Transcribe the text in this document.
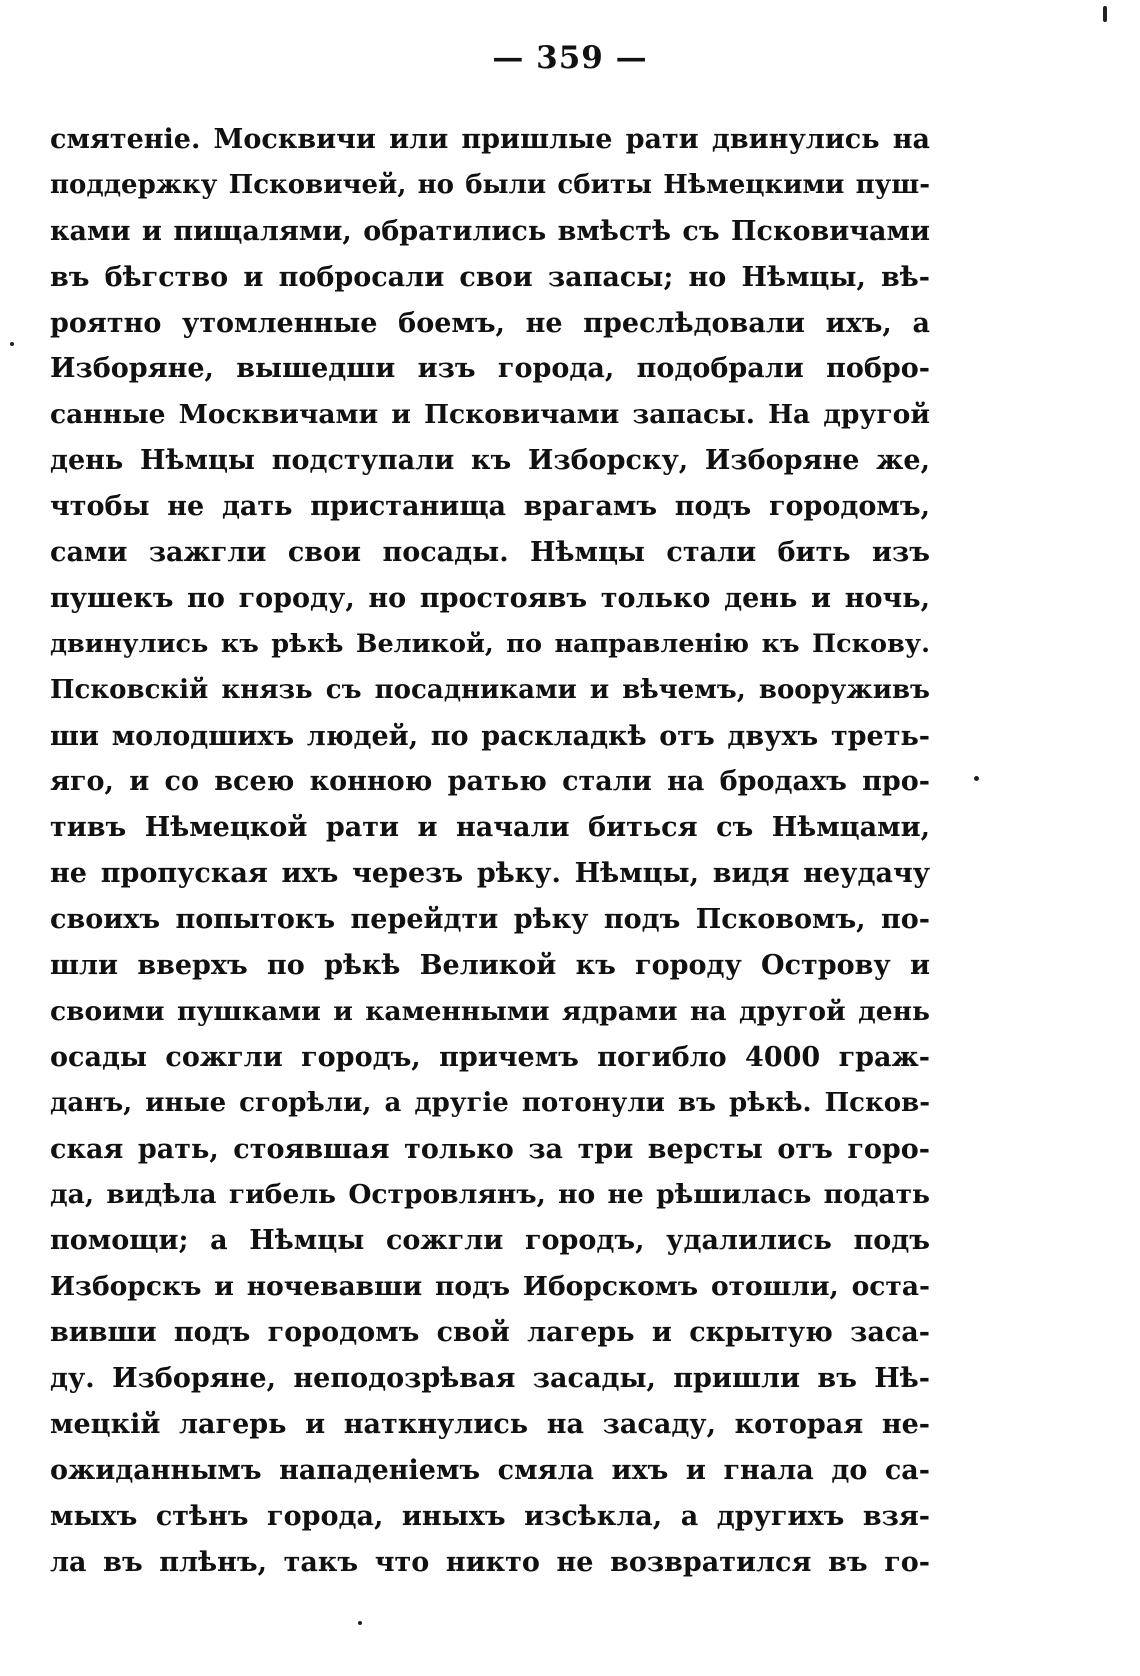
— 359 —
смятеніе. Москвичи или пришлые рати двинулись на
поддержку Псковичей, но были сбиты Нѣмецкими пуш-
ками и пищалями, обратились вмѣстѣ съ Псковичами
въ бѣгство и побросали свои запасы; но Нѣмцы, вѣ-
роятно утомленные боемъ, не преслѣдовали ихъ, а
Изборяне, вышедши изъ города, подобрали побро-
санные Москвичами и Псковичами запасы. На другой
день Нѣмцы подступали къ Изборску, Изборяне же,
чтобы не дать пристанища врагамъ подъ городомъ,
сами зажгли свои посады. Нѣмцы стали бить изъ
пушекъ по городу, но простоявъ только день и ночь,
двинулись къ рѣкѣ Великой, по направленію къ Пскову.
Псковскій князь съ посадниками и вѣчемъ, вооруживъ
ши молодшихъ людей, по раскладкѣ отъ двухъ треть-
яго, и со всею конною ратью стали на бродахъ про-
тивъ Нѣмецкой рати и начали биться съ Нѣмцами,
не пропуская ихъ черезъ рѣку. Нѣмцы, видя неудачу
своихъ попытокъ перейдти рѣку подъ Псковомъ, по-
шли вверхъ по рѣкѣ Великой къ городу Острову и
своими пушками и каменными ядрами на другой день
осады сожгли городъ, причемъ погибло 4000 граж-
данъ, иные сгорѣли, а другіе потонули въ рѣкѣ. Псков-
ская рать, стоявшая только за три версты отъ горо-
да, видѣла гибель Островлянъ, но не рѣшилась подать
помощи; а Нѣмцы сожгли городъ, удалились подъ
Изборскъ и ночевавши подъ Иборскомъ отошли, оста-
вивши подъ городомъ свой лагерь и скрытую заса-
ду. Изборяне, неподозрѣвая засады, пришли въ Нѣ-
мецкій лагерь и наткнулись на засаду, которая не-
ожиданнымъ нападеніемъ смяла ихъ и гнала до са-
мыхъ стѣнъ города, иныхъ изсѣкла, а другихъ взя-
ла въ плѣнъ, такъ что никто не возвратился въ го-
